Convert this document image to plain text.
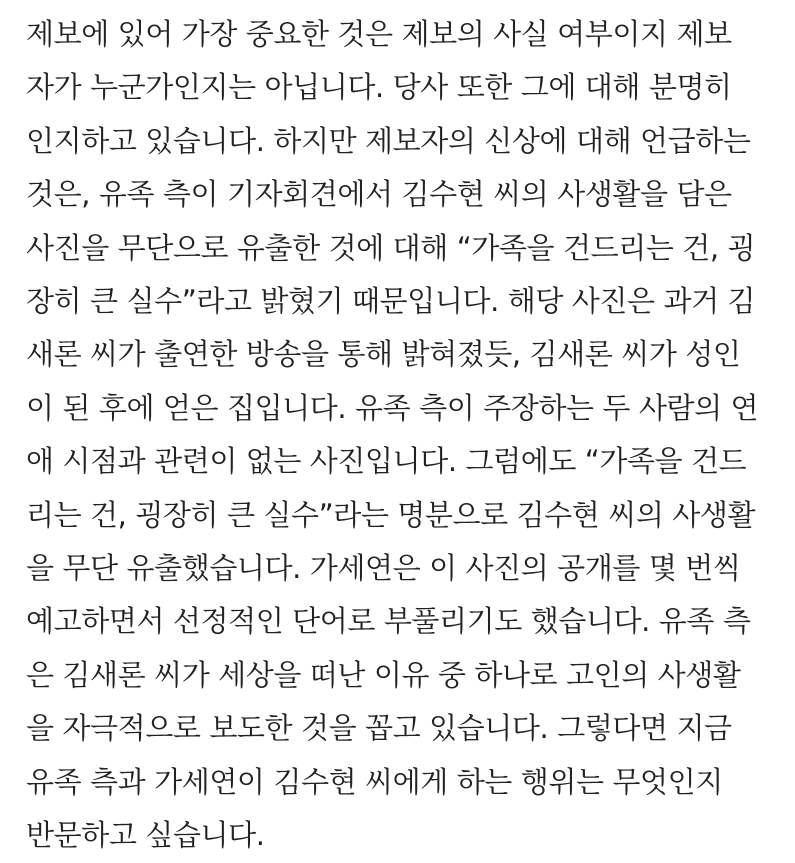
제보에 있어 가장 중요한 것은 제보의 사실 여부이지 제보
자가 누군가인지는 아닙니다. 당사 또한 그에 대해 분명히
인지하고 있습니다. 하지만 제보자의 신상에 대해 언급하는
것은, 유족 측이 기자회견에서 김수현 씨의 사생활을 담은
사진을 무단으로 유출한 것에 대해 “가족을 건드리는 건, 굉
장히 큰 실수”라고 밝혔기 때문입니다. 해당 사진은 과거 김
새론 씨가 출연한 방송을 통해 밝혀졌듯, 김새론 씨가 성인
이 된 후에 얻은 집입니다. 유족 측이 주장하는 두 사람의 연
애 시점과 관련이 없는 사진입니다. 그럼에도 “가족을 건드
리는 건, 굉장히 큰 실수”라는 명분으로 김수현 씨의 사생활
을 무단 유출했습니다. 가세연은 이 사진의 공개를 몇 번씩
예고하면서 선정적인 단어로 부풀리기도 했습니다. 유족 측
은 김새론 씨가 세상을 떠난 이유 중 하나로 고인의 사생활
을 자극적으로 보도한 것을 꼽고 있습니다. 그렇다면 지금
유족 측과 가세연이 김수현 씨에게 하는 행위는 무엇인지
반문하고 싶습니다.
